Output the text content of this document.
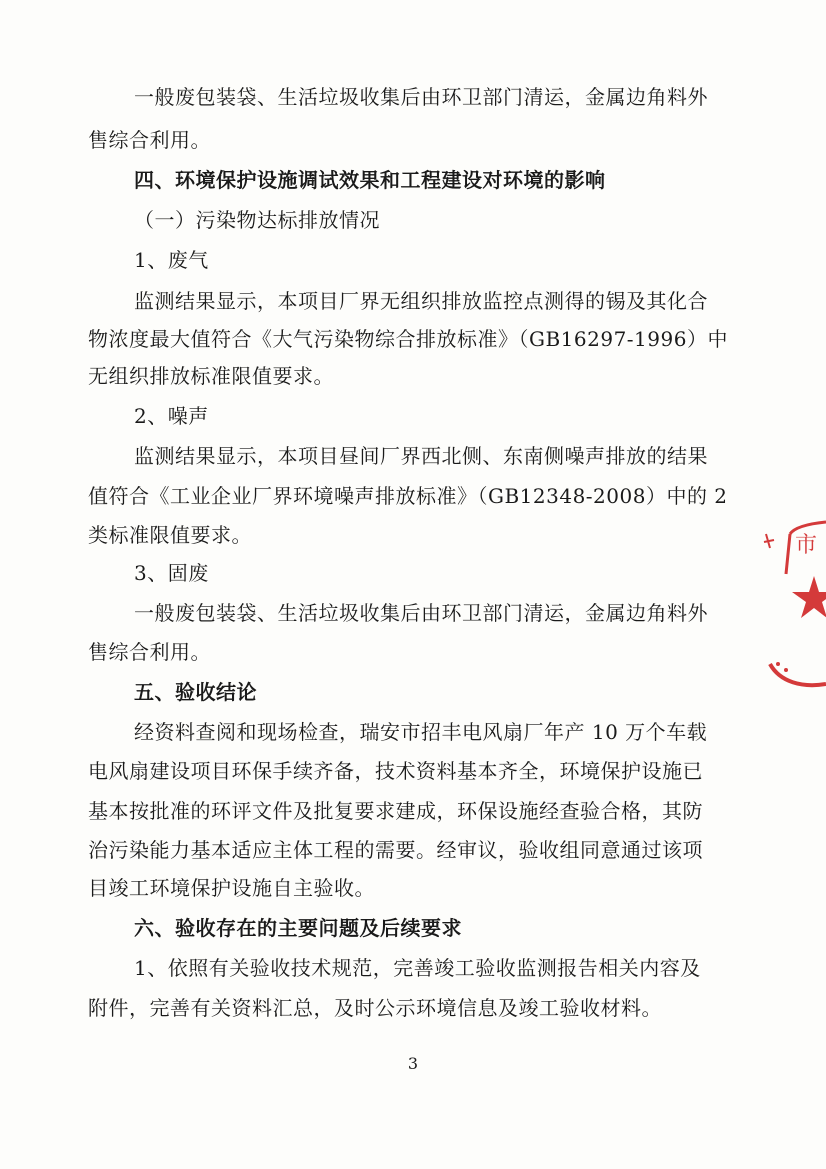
一般废包装袋、生活垃圾收集后由环卫部门清运，金属边角料外
售综合利用。
四、环境保护设施调试效果和工程建设对环境的影响
（一）污染物达标排放情况
1、废气
监测结果显示，本项目厂界无组织排放监控点测得的锡及其化合
物浓度最大值符合《大气污染物综合排放标准》（GB16297-1996）中
无组织排放标准限值要求。
2、噪声
监测结果显示，本项目昼间厂界西北侧、东南侧噪声排放的结果
值符合《工业企业厂界环境噪声排放标准》（GB12348-2008）中的 2
类标准限值要求。
3、固废
一般废包装袋、生活垃圾收集后由环卫部门清运，金属边角料外
售综合利用。
五、验收结论
经资料查阅和现场检查，瑞安市招丰电风扇厂年产 10 万个车载
电风扇建设项目环保手续齐备，技术资料基本齐全，环境保护设施已
基本按批准的环评文件及批复要求建成，环保设施经查验合格，其防
治污染能力基本适应主体工程的需要。经审议，验收组同意通过该项
目竣工环境保护设施自主验收。
六、验收存在的主要问题及后续要求
1、依照有关验收技术规范，完善竣工验收监测报告相关内容及
附件，完善有关资料汇总，及时公示环境信息及竣工验收材料。
3
市
